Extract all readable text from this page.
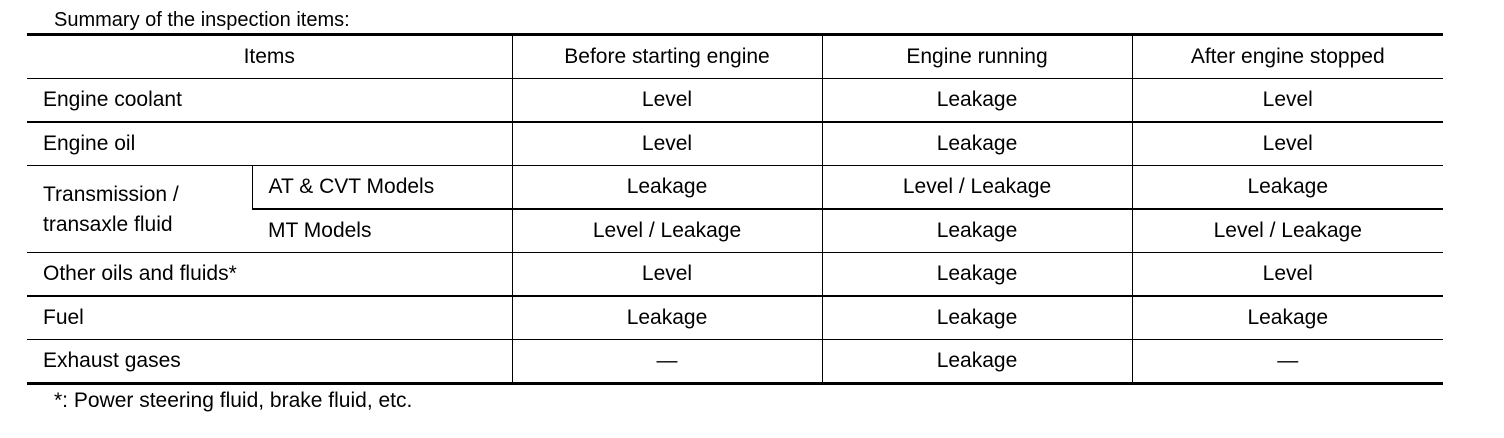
Summary of the inspection items:
Items		Before starting engine	Engine running	After engine stopped
Engine coolant		Level	Leakage	Level
Engine oil		Level	Leakage	Level
Transmission /
transaxle fluid	AT & CVT Models	Leakage	Level / Leakage	Leakage
	MT Models	Level / Leakage	Leakage	Level / Leakage
Other oils and fluids*		Level	Leakage	Level
Fuel		Leakage	Leakage	Leakage
Exhaust gases		—	Leakage	—
*: Power steering fluid, brake fluid, etc.
